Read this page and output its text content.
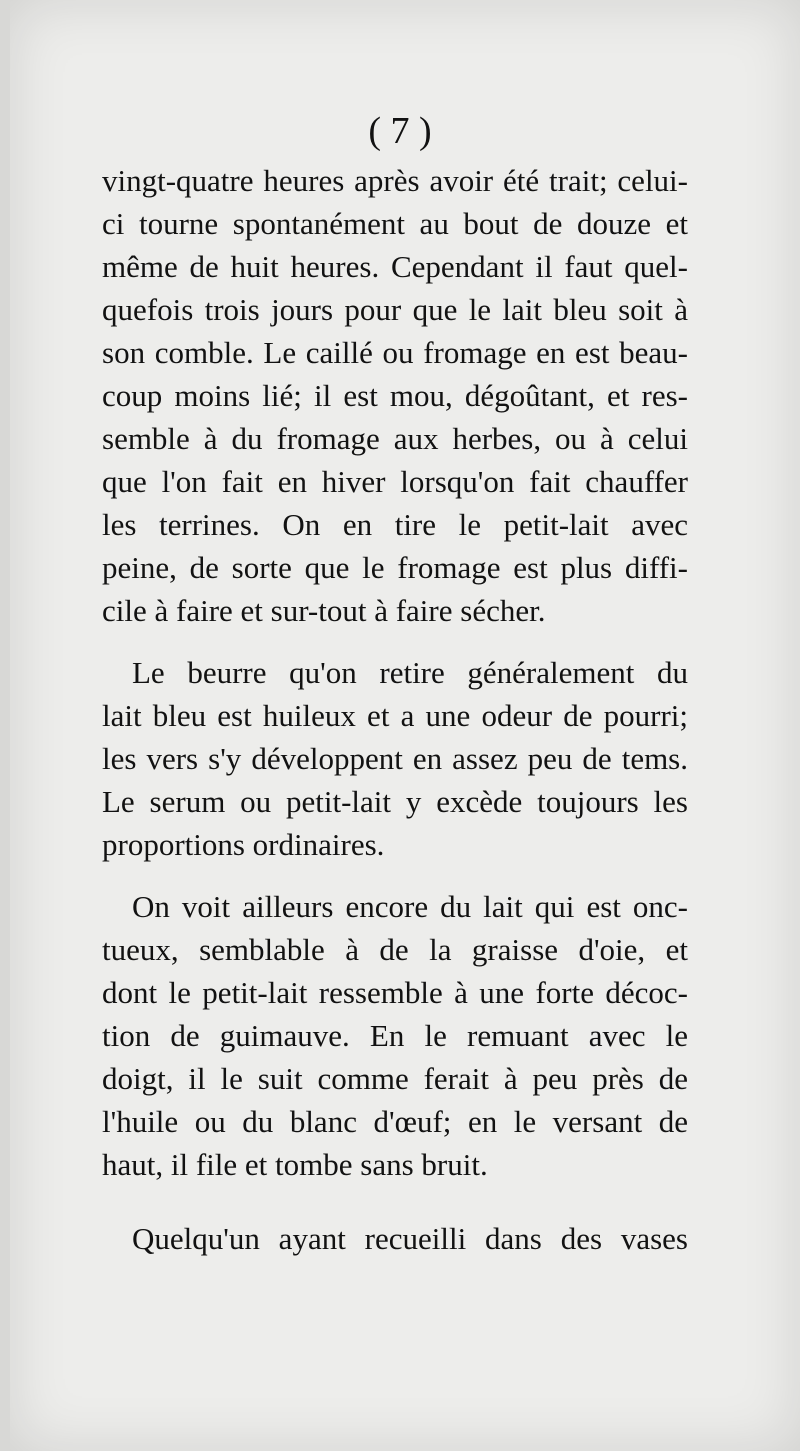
( 7 )
vingt-quatre heures après avoir été trait; celui-
ci tourne spontanément au bout de douze et
même de huit heures. Cependant il faut quel-
quefois trois jours pour que le lait bleu soit à
son comble. Le caillé ou fromage en est beau-
coup moins lié; il est mou, dégoûtant, et res-
semble à du fromage aux herbes, ou à celui
que l'on fait en hiver lorsqu'on fait chauffer
les terrines. On en tire le petit-lait avec
peine, de sorte que le fromage est plus diffi-
cile à faire et sur-tout à faire sécher.
Le beurre qu'on retire généralement du
lait bleu est huileux et a une odeur de pourri;
les vers s'y développent en assez peu de tems.
Le serum ou petit-lait y excède toujours les
proportions ordinaires.
On voit ailleurs encore du lait qui est onc-
tueux, semblable à de la graisse d'oie, et
dont le petit-lait ressemble à une forte décoc-
tion de guimauve. En le remuant avec le
doigt, il le suit comme ferait à peu près de
l'huile ou du blanc d'œuf; en le versant de
haut, il file et tombe sans bruit.
Quelqu'un ayant recueilli dans des vases
